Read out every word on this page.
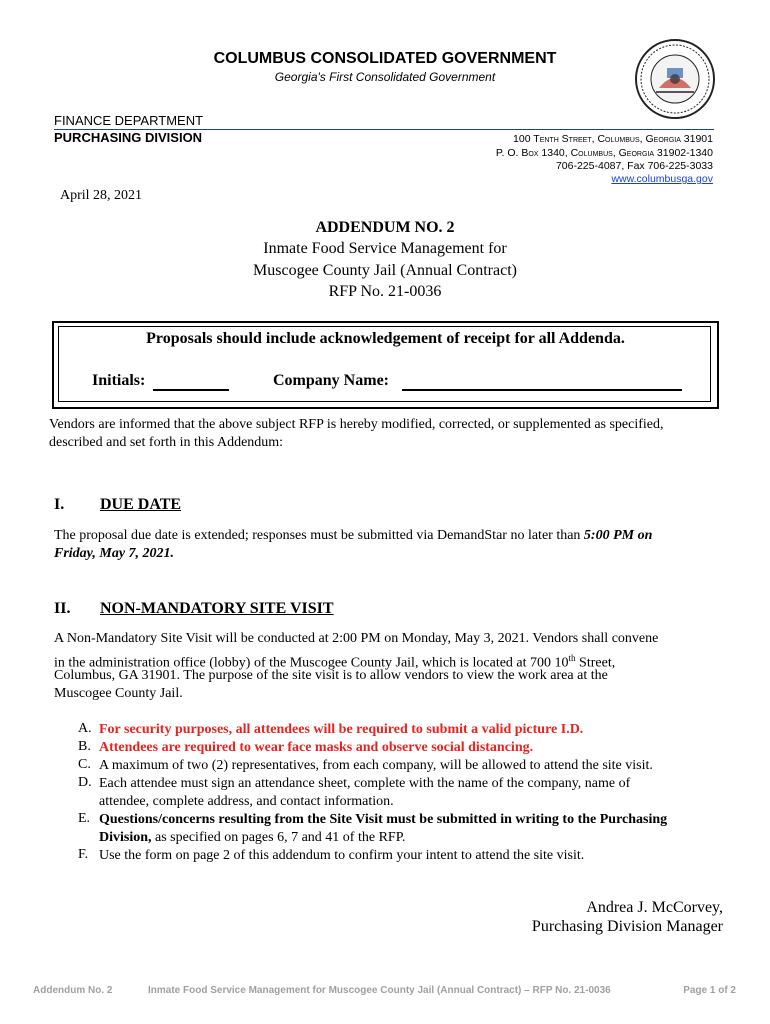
COLUMBUS CONSOLIDATED GOVERNMENT
Georgia's First Consolidated Government
FINANCE DEPARTMENT
PURCHASING DIVISION	100 Tenth Street, Columbus, Georgia 31901
P. O. Box 1340, Columbus, Georgia 31902-1340
706-225-4087, Fax 706-225-3033
www.columbusga.gov
April 28, 2021
ADDENDUM NO. 2
Inmate Food Service Management for
Muscogee County Jail (Annual Contract)
RFP No. 21-0036
Proposals should include acknowledgement of receipt for all Addenda.
Initials:	Company Name:
Vendors are informed that the above subject RFP is hereby modified, corrected, or supplemented as specified,
described and set forth in this Addendum:
I. DUE DATE
The proposal due date is extended; responses must be submitted via DemandStar no later than 5:00 PM on
Friday, May 7, 2021.
II. NON-MANDATORY SITE VISIT
A Non-Mandatory Site Visit will be conducted at 2:00 PM on Monday, May 3, 2021. Vendors shall convene
in the administration office (lobby) of the Muscogee County Jail, which is located at 700 10th Street,
Columbus, GA 31901. The purpose of the site visit is to allow vendors to view the work area at the
Muscogee County Jail.
A. For security purposes, all attendees will be required to submit a valid picture I.D.
B. Attendees are required to wear face masks and observe social distancing.
C. A maximum of two (2) representatives, from each company, will be allowed to attend the site visit.
D. Each attendee must sign an attendance sheet, complete with the name of the company, name of
attendee, complete address, and contact information.
E. Questions/concerns resulting from the Site Visit must be submitted in writing to the Purchasing
Division, as specified on pages 6, 7 and 41 of the RFP.
F. Use the form on page 2 of this addendum to confirm your intent to attend the site visit.
Andrea J. McCorvey,
Purchasing Division Manager
Addendum No. 2	Inmate Food Service Management for Muscogee County Jail (Annual Contract) – RFP No. 21-0036	Page 1 of 2
